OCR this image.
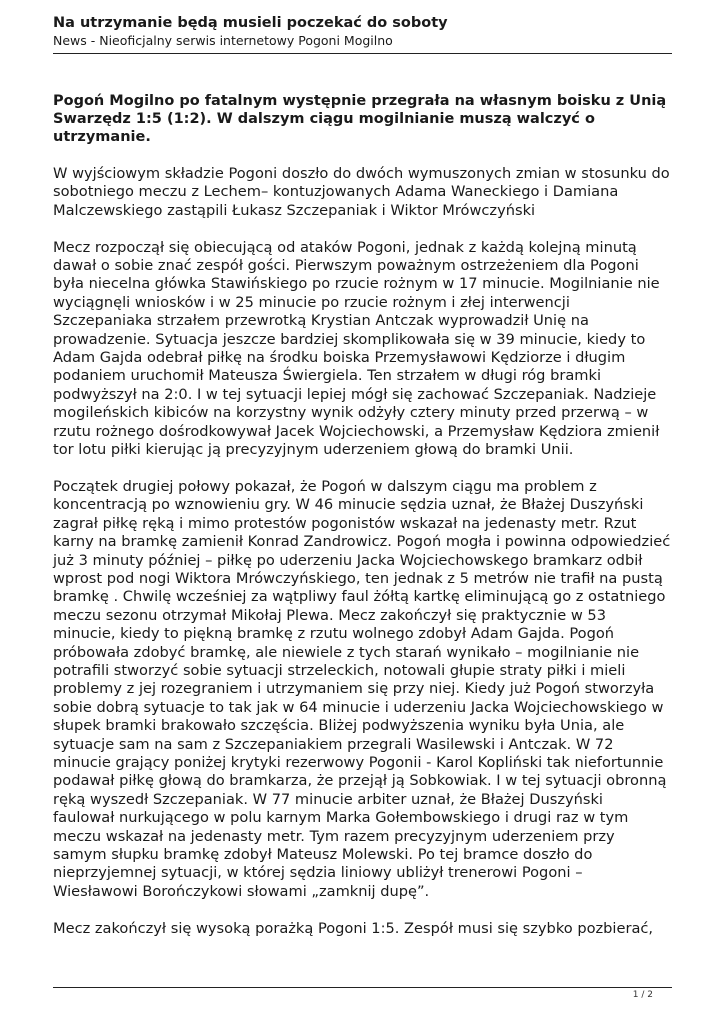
Na utrzymanie będą musieli poczekać do soboty
News - Nieoficjalny serwis internetowy Pogoni Mogilno
Pogoń Mogilno po fatalnym występnie przegrała na własnym boisku z Unią
Swarzędz 1:5 (1:2). W dalszym ciągu mogilnianie muszą walczyć o
utrzymanie.
W wyjściowym składzie Pogoni doszło do dwóch wymuszonych zmian w stosunku do
sobotniego meczu z Lechem– kontuzjowanych Adama Waneckiego i Damiana
Malczewskiego zastąpili Łukasz Szczepaniak i Wiktor Mrówczyński
Mecz rozpoczął się obiecującą od ataków Pogoni, jednak z każdą kolejną minutą
dawał o sobie znać zespół gości. Pierwszym poważnym ostrzeżeniem dla Pogoni
była niecelna główka Stawińskiego po rzucie rożnym w 17 minucie. Mogilnianie nie
wyciągnęli wniosków i w 25 minucie po rzucie rożnym i złej interwencji
Szczepaniaka strzałem przewrotką Krystian Antczak wyprowadził Unię na
prowadzenie. Sytuacja jeszcze bardziej skomplikowała się w 39 minucie, kiedy to
Adam Gajda odebrał piłkę na środku boiska Przemysławowi Kędziorze i długim
podaniem uruchomił Mateusza Świergiela. Ten strzałem w długi róg bramki
podwyższył na 2:0. I w tej sytuacji lepiej mógł się zachować Szczepaniak. Nadzieje
mogileńskich kibiców na korzystny wynik odżyły cztery minuty przed przerwą – w
rzutu rożnego dośrodkowywał Jacek Wojciechowski, a Przemysław Kędziora zmienił
tor lotu piłki kierując ją precyzyjnym uderzeniem głową do bramki Unii.
Początek drugiej połowy pokazał, że Pogoń w dalszym ciągu ma problem z
koncentracją po wznowieniu gry. W 46 minucie sędzia uznał, że Błażej Duszyński
zagrał piłkę ręką i mimo protestów pogonistów wskazał na jedenasty metr. Rzut
karny na bramkę zamienił Konrad Zandrowicz. Pogoń mogła i powinna odpowiedzieć
już 3 minuty później – piłkę po uderzeniu Jacka Wojciechowskego bramkarz odbił
wprost pod nogi Wiktora Mrówczyńskiego, ten jednak z 5 metrów nie trafił na pustą
bramkę . Chwilę wcześniej za wątpliwy faul żółtą kartkę eliminującą go z ostatniego
meczu sezonu otrzymał Mikołaj Plewa. Mecz zakończył się praktycznie w 53
minucie, kiedy to piękną bramkę z rzutu wolnego zdobył Adam Gajda. Pogoń
próbowała zdobyć bramkę, ale niewiele z tych starań wynikało – mogilnianie nie
potrafili stworzyć sobie sytuacji strzeleckich, notowali głupie straty piłki i mieli
problemy z jej rozegraniem i utrzymaniem się przy niej. Kiedy już Pogoń stworzyła
sobie dobrą sytuacje to tak jak w 64 minucie i uderzeniu Jacka Wojciechowskiego w
słupek bramki brakowało szczęścia. Bliżej podwyższenia wyniku była Unia, ale
sytuacje sam na sam z Szczepaniakiem przegrali Wasilewski i Antczak. W 72
minucie grający poniżej krytyki rezerwowy Pogonii - Karol Kopliński tak niefortunnie
podawał piłkę głową do bramkarza, że przejął ją Sobkowiak. I w tej sytuacji obronną
ręką wyszedł Szczepaniak. W 77 minucie arbiter uznał, że Błażej Duszyński
faulował nurkującego w polu karnym Marka Gołembowskiego i drugi raz w tym
meczu wskazał na jedenasty metr. Tym razem precyzyjnym uderzeniem przy
samym słupku bramkę zdobył Mateusz Molewski. Po tej bramce doszło do
nieprzyjemnej sytuacji, w której sędzia liniowy ubliżył trenerowi Pogoni –
Wiesławowi Borończykowi słowami „zamknij dupę”.
Mecz zakończył się wysoką porażką Pogoni 1:5. Zespół musi się szybko pozbierać,
1 / 2
